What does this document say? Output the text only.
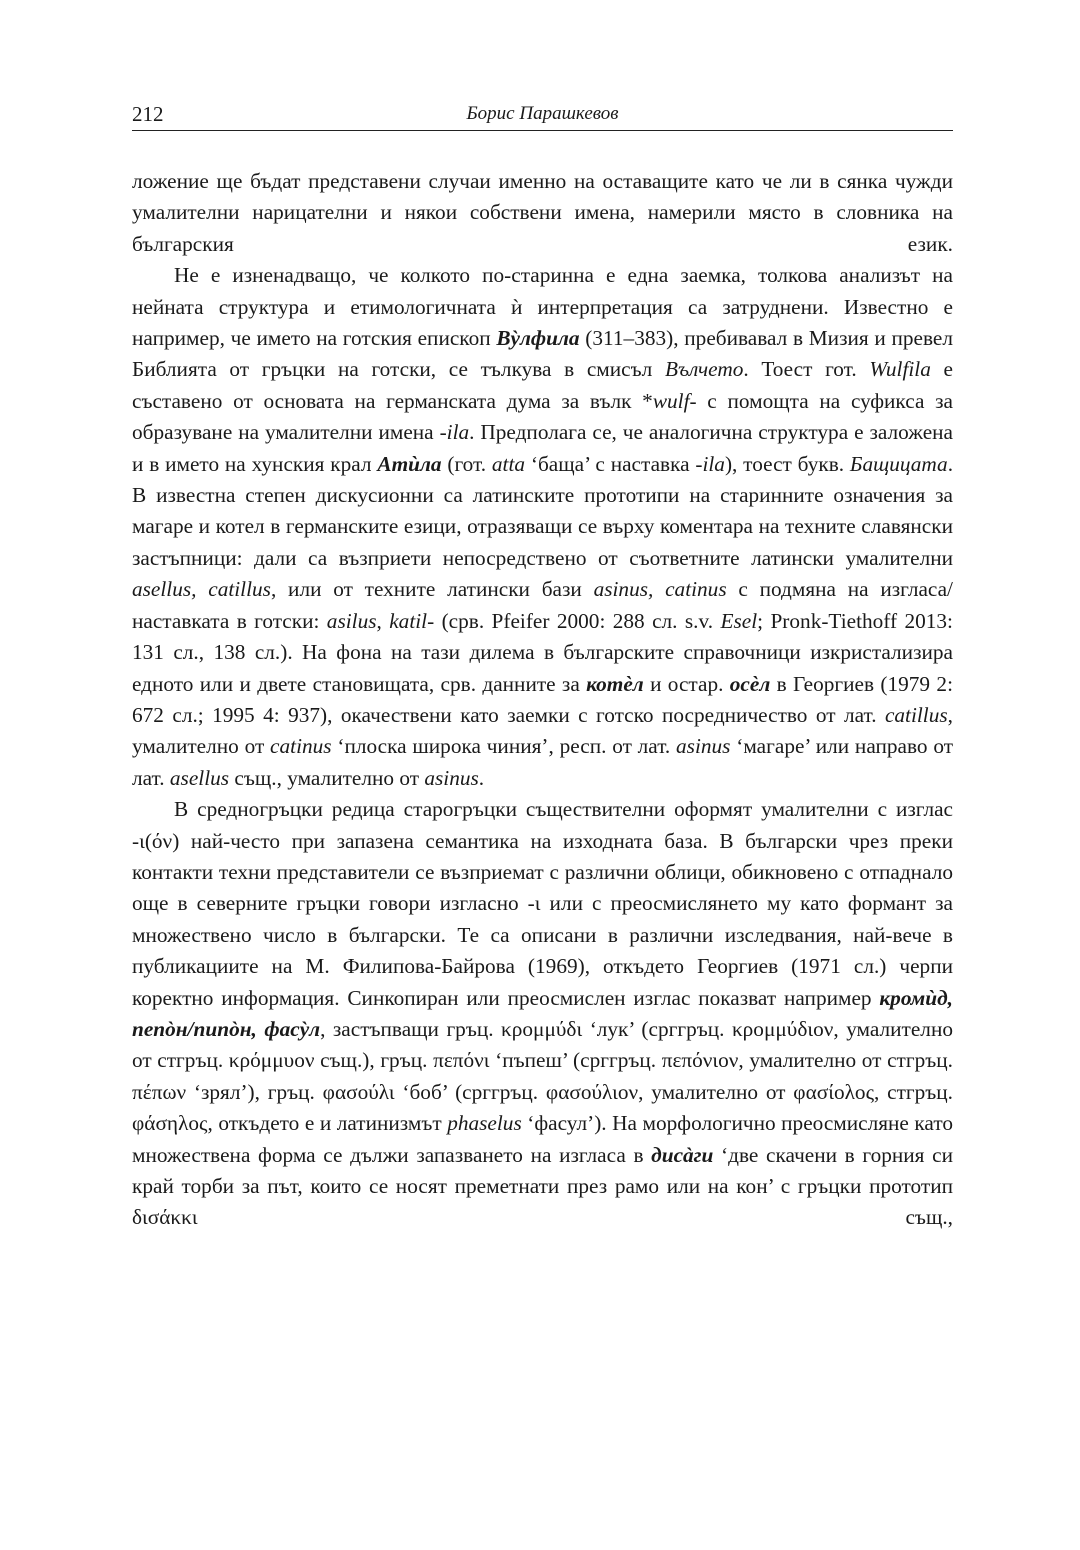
212	Борис Парашкевов

ложение ще бъдат представени случаи именно на оставащите като че ли в сянка чужди умалителни нарицателни и някои собствени имена, намерили място в словника на българския език.

Не е изненадващо, че колкото по-старинна е една заемка, толкова анализът на нейната структура и етимологичната ѝ интерпретация са затруднени. Известно е например, че името на готския епископ Вỳлфила (311–383), пребивавал в Мизия и превел Библията от гръцки на готски, се тълкува в смисъл Вълчето. Тоест гот. Wulfila е съставено от основата на германската дума за вълк *wulf- с помощта на суфикса за образуване на умалителни имена -ila. Предполага се, че аналогична структура е заложена и в името на хунския крал Атѝла (гот. atta ‘баща’ с наставка -ila), тоест букв. Бащицата. В известна степен дискусионни са латинските прототипи на старинните означения за магаре и котел в германските езици, отразяващи се върху коментара на техните славянски застъпници: дали са възприети непосредствено от съответните латински умалителни asellus, catillus, или от техните латински бази asinus, catinus с подмяна на изгласа/наставката в готски: asilus, katil- (срв. Pfeifer 2000: 288 сл. s.v. Esel; Pronk-Tiethoff 2013: 131 сл., 138 сл.). На фона на тази дилема в българските справочници изкристализира едното или и двете становищата, срв. данните за котѐл и остар. осѐл в Георгиев (1979 2: 672 сл.; 1995 4: 937), окачествени като заемки с готско посредничество от лат. catillus, умалително от catinus ‘плоска широка чиния’, респ. от лат. asinus ‘магаре’ или направо от лат. asellus същ., умалително от asinus.

В средногръцки редица старогръцки съществителни оформят умалителни с изглас -ι(όν) най-често при запазена семантика на изходната база. В български чрез преки контакти техни представители се възприемат с различни облици, обикновено с отпаднало още в северните гръцки говори изгласно -ι или с преосмислянето му като формант за множествено число в български. Те са описани в различни изследвания, най-вече в публикациите на М. Филипова-Байрова (1969), откъдето Георгиев (1971 сл.) черпи коректно информация. Синкопиран или преосмислен изглас показват например кромѝд, пепòн/пипòн, фасỳл, застъпващи гръц. κρομμύδι ‘лук’ (срггръц. κρομμύδιον, умалително от стгръц. κρόμμυον същ.), гръц. πεπόνι ‘пъпеш’ (срггръц. πεπόνιον, умалително от стгръц. πέπων ‘зрял’), гръц. φασούλι ‘боб’ (срггръц. φασούλιον, умалително от φασίολος, стгръц. φάσηλος, откъдето е и латинизмът phaselus ‘фасул’). На морфологично преосмисляне като множествена форма се дължи запазването на изгласа в дисàги ‘две скачени в горния си край торби за път, които се носят преметнати през рамо или на кон’ с гръцки прототип δισάκκι същ.,
